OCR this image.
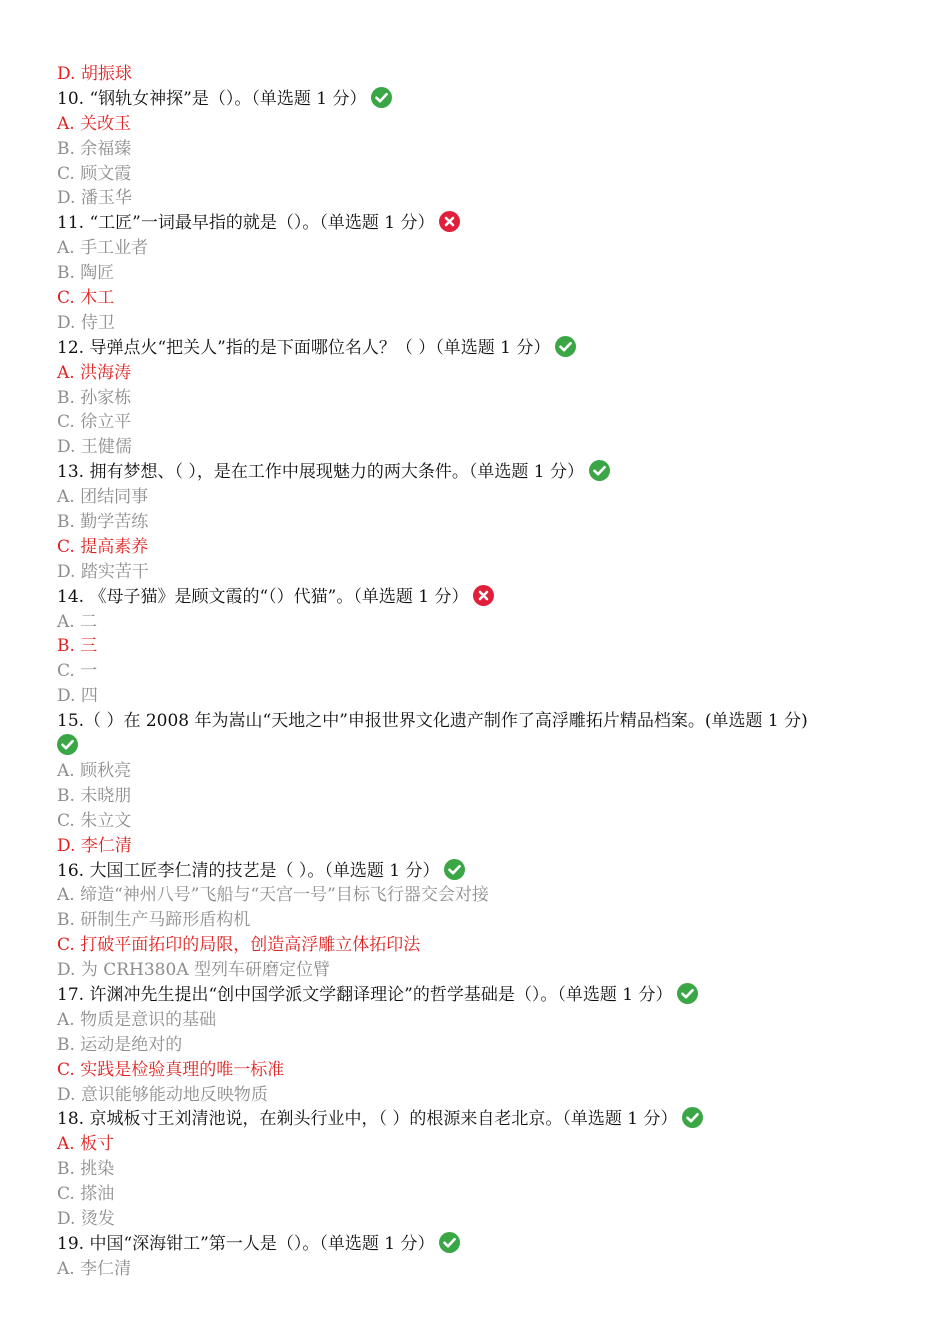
D. 胡振球
10. “钢轨女神探”是（）。（单选题 1 分）
A. 关改玉
B. 余福臻
C. 顾文霞
D. 潘玉华
11. “工匠”一词最早指的就是（）。（单选题 1 分）
A. 手工业者
B. 陶匠
C. 木工
D. 侍卫
12. 导弹点火“把关人”指的是下面哪位名人？（ ）（单选题 1 分）
A. 洪海涛
B. 孙家栋
C. 徐立平
D. 王健儒
13. 拥有梦想、（ ），是在工作中展现魅力的两大条件。（单选题 1 分）
A. 团结同事
B. 勤学苦练
C. 提高素养
D. 踏实苦干
14. 《母子猫》是顾文霞的“（）代猫”。（单选题 1 分）
A. 二
B. 三
C. 一
D. 四
15.（ ）在 2008 年为嵩山“天地之中”申报世界文化遗产制作了高浮雕拓片精品档案。(单选题 1 分)
A. 顾秋亮
B. 未晓朋
C. 朱立文
D. 李仁清
16. 大国工匠李仁清的技艺是（ ）。（单选题 1 分）
A. 缔造“神州八号”飞船与“天宫一号”目标飞行器交会对接
B. 研制生产马蹄形盾构机
C. 打破平面拓印的局限，创造高浮雕立体拓印法
D. 为 CRH380A 型列车研磨定位臂
17. 许渊冲先生提出“创中国学派文学翻译理论”的哲学基础是（）。（单选题 1 分）
A. 物质是意识的基础
B. 运动是绝对的
C. 实践是检验真理的唯一标准
D. 意识能够能动地反映物质
18. 京城板寸王刘清池说，在剃头行业中，（ ）的根源来自老北京。（单选题 1 分）
A. 板寸
B. 挑染
C. 搽油
D. 烫发
19. 中国“深海钳工”第一人是（）。（单选题 1 分）
A. 李仁清
